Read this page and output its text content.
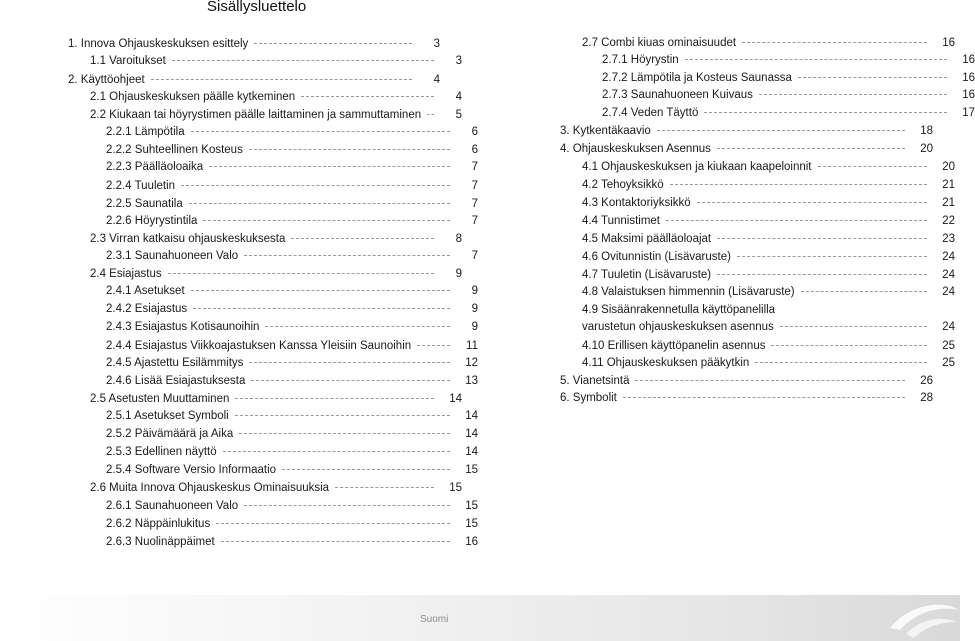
Sisällysluettelo
1. Innova Ohjauskeskuksen esittely	3
1.1 Varoitukset	3
2. Käyttöohjeet	4
2.1 Ohjauskeskuksen päälle kytkeminen	4
2.2 Kiukaan tai höyrystimen päälle laittaminen ja sammuttaminen	5
2.2.1 Lämpötila	6
2.2.2 Suhteellinen Kosteus	6
2.2.3 Päälläoloaika	7
2.2.4 Tuuletin	7
2.2.5 Saunatila	7
2.2.6 Höyrystintila	7
2.3 Virran katkaisu ohjauskeskuksesta	8
2.3.1 Saunahuoneen Valo	7
2.4 Esiajastus	9
2.4.1 Asetukset	9
2.4.2 Esiajastus	9
2.4.3 Esiajastus Kotisaunoihin	9
2.4.4 Esiajastus Viikkoajastuksen Kanssa Yleisiin Saunoihin	11
2.4.5 Ajastettu Esilämmitys	12
2.4.6 Lisää Esiajastuksesta	13
2.5 Asetusten Muuttaminen	14
2.5.1 Asetukset Symboli	14
2.5.2 Päivämäärä ja Aika	14
2.5.3 Edellinen näyttö	14
2.5.4 Software Versio Informaatio	15
2.6 Muita Innova Ohjauskeskus Ominaisuuksia	15
2.6.1 Saunahuoneen Valo	15
2.6.2 Näppäinlukitus	15
2.6.3 Nuolinäppäimet	16
2.7 Combi kiuas ominaisuudet	16
2.7.1 Höyrystin	16
2.7.2 Lämpötila ja Kosteus Saunassa	16
2.7.3 Saunahuoneen Kuivaus	16
2.7.4 Veden Täyttö	17
3. Kytkentäkaavio	18
4. Ohjauskeskuksen Asennus	20
4.1 Ohjauskeskuksen ja kiukaan kaapeloinnit	20
4.2 Tehoyksikkö	21
4.3 Kontaktoriyksikkö	21
4.4 Tunnistimet	22
4.5 Maksimi päälläoloajat	23
4.6 Ovitunnistin (Lisävaruste)	24
4.7 Tuuletin (Lisävaruste)	24
4.8 Valaistuksen himmennin (Lisävaruste)	24
4.9 Sisäänrakennetulla käyttöpanelilla
varustetun ohjauskeskuksen asennus	24
4.10 Erillisen käyttöpanelin asennus	25
4.11 Ohjauskeskuksen pääkytkin	25
5. Vianetsintä	26
6. Symbolit	28
Suomi
